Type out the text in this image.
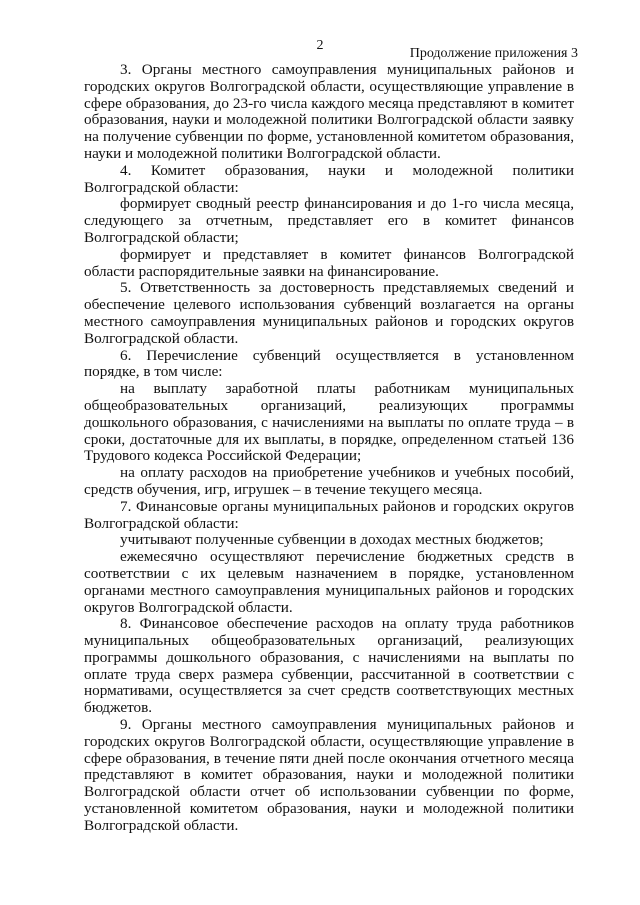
2
Продолжение приложения 3

3. Органы местного самоуправления муниципальных районов и городских округов Волгоградской области, осуществляющие управление в сфере образования, до 23-го числа каждого месяца представляют в комитет образования, науки и молодежной политики Волгоградской области заявку на получение субвенции по форме, установленной комитетом образования, науки и молодежной политики Волгоградской области.

4. Комитет образования, науки и молодежной политики Волгоградской области:

формирует сводный реестр финансирования и до 1-го числа месяца, следующего за отчетным, представляет его в комитет финансов Волгоградской области;

формирует и представляет в комитет финансов Волгоградской области распорядительные заявки на финансирование.

5. Ответственность за достоверность представляемых сведений и обеспечение целевого использования субвенций возлагается на органы местного самоуправления муниципальных районов и городских округов Волгоградской области.

6. Перечисление субвенций осуществляется в установленном порядке, в том числе:

на выплату заработной платы работникам муниципальных общеобразовательных организаций, реализующих программы дошкольного образования, с начислениями на выплаты по оплате труда – в сроки, достаточные для их выплаты, в порядке, определенном статьей 136 Трудового кодекса Российской Федерации;

на оплату расходов на приобретение учебников и учебных пособий, средств обучения, игр, игрушек – в течение текущего месяца.

7. Финансовые органы муниципальных районов и городских округов Волгоградской области:

учитывают полученные субвенции в доходах местных бюджетов;

ежемесячно осуществляют перечисление бюджетных средств в соответствии с их целевым назначением в порядке, установленном органами местного самоуправления муниципальных районов и городских округов Волгоградской области.

8. Финансовое обеспечение расходов на оплату труда работников муниципальных общеобразовательных организаций, реализующих программы дошкольного образования, с начислениями на выплаты по оплате труда сверх размера субвенции, рассчитанной в соответствии с нормативами, осуществляется за счет средств соответствующих местных бюджетов.

9. Органы местного самоуправления муниципальных районов и городских округов Волгоградской области, осуществляющие управление в сфере образования, в течение пяти дней после окончания отчетного месяца представляют в комитет образования, науки и молодежной политики Волгоградской области отчет об использовании субвенции по форме, установленной комитетом образования, науки и молодежной политики Волгоградской области.
